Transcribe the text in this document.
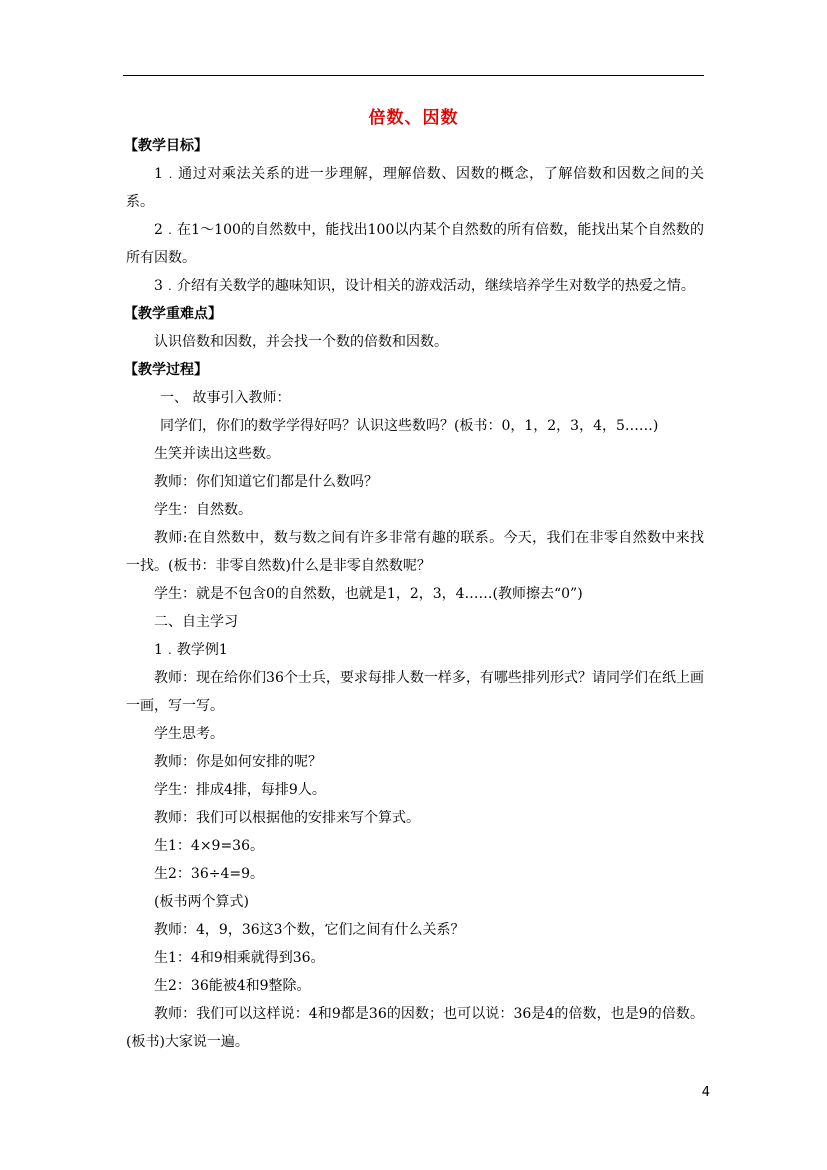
倍数、因数

【教学目标】

1﹒通过对乘法关系的进一步理解，理解倍数、因数的概念，了解倍数和因数之间的关系。

2﹒在1～100的自然数中，能找出100以内某个自然数的所有倍数，能找出某个自然数的所有因数。

3﹒介绍有关数学的趣味知识，设计相关的游戏活动，继续培养学生对数学的热爱之情。

【教学重难点】

认识倍数和因数，并会找一个数的倍数和因数。

【教学过程】

一、 故事引入教师：

同学们，你们的数学学得好吗？认识这些数吗？(板书：0，1，2，3，4，5……)

生笑并读出这些数。

教师：你们知道它们都是什么数吗？

学生：自然数。

教师:在自然数中，数与数之间有许多非常有趣的联系。今天，我们在非零自然数中来找一找。(板书：非零自然数)什么是非零自然数呢？

学生：就是不包含0的自然数，也就是1，2，3，4……(教师擦去“0”)

二、自主学习

1﹒教学例1

教师：现在给你们36个士兵，要求每排人数一样多，有哪些排列形式？请同学们在纸上画一画，写一写。

学生思考。

教师：你是如何安排的呢？

学生：排成4排，每排9人。

教师：我们可以根据他的安排来写个算式。

生1：4×9=36。

生2：36÷4=9。

(板书两个算式)

教师：4，9，36这3个数，它们之间有什么关系？

生1：4和9相乘就得到36。

生2：36能被4和9整除。

教师：我们可以这样说：4和9都是36的因数；也可以说：36是4的倍数，也是9的倍数。(板书)大家说一遍。

4
